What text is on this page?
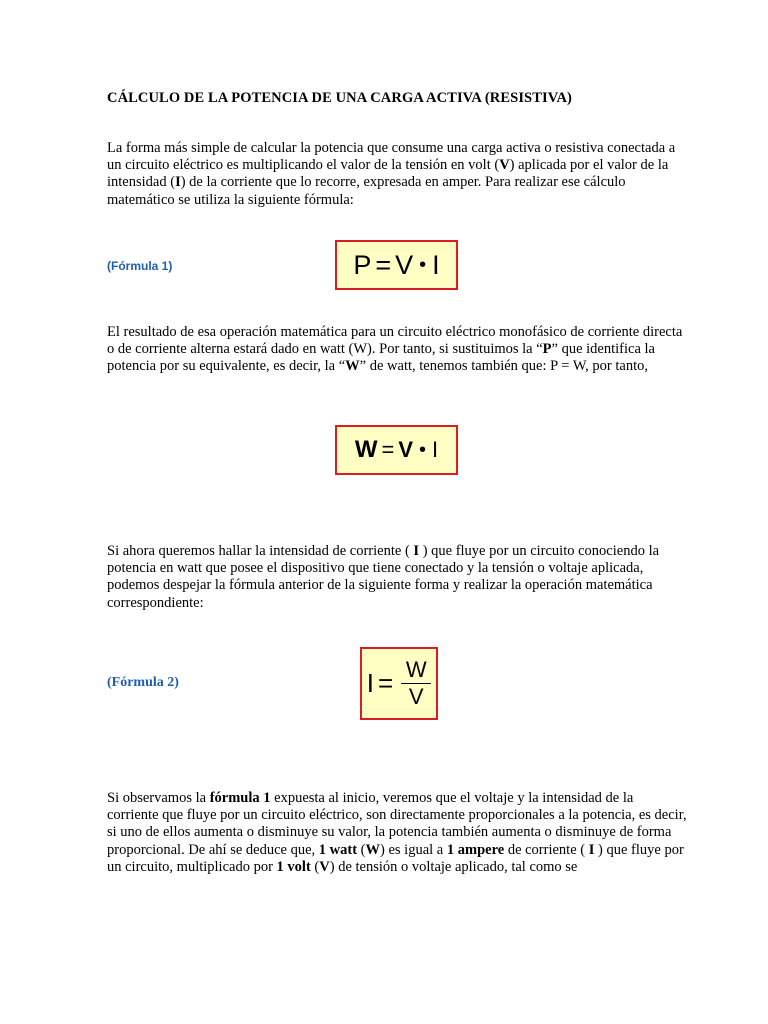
CÁLCULO DE LA POTENCIA DE UNA CARGA ACTIVA (RESISTIVA)
La forma más simple de calcular la potencia que consume una carga activa o resistiva conectada a un circuito eléctrico es multiplicando el valor de la tensión en volt (V) aplicada por el valor de la intensidad (I) de la corriente que lo recorre, expresada en amper. Para realizar ese cálculo matemático se utiliza la siguiente fórmula:
(Fórmula 1)	P = V • I
El resultado de esa operación matemática para un circuito eléctrico monofásico de corriente directa o de corriente alterna estará dado en watt (W). Por tanto, si sustituimos la “P” que identifica la potencia por su equivalente, es decir, la “W” de watt, tenemos también que: P = W, por tanto,
W = V • I
Si ahora queremos hallar la intensidad de corriente ( I ) que fluye por un circuito conociendo la potencia en watt que posee el dispositivo que tiene conectado y la tensión o voltaje aplicada, podemos despejar la fórmula anterior de la siguiente forma y realizar la operación matemática correspondiente:
(Fórmula 2)	$I = \frac{W}{V}$
Si observamos la fórmula 1 expuesta al inicio, veremos que el voltaje y la intensidad de la corriente que fluye por un circuito eléctrico, son directamente proporcionales a la potencia, es decir, si uno de ellos aumenta o disminuye su valor, la potencia también aumenta o disminuye de forma proporcional. De ahí se deduce que, 1 watt (W) es igual a 1 ampere de corriente ( I ) que fluye por un circuito, multiplicado por 1 volt (V) de tensión o voltaje aplicado, tal como se
